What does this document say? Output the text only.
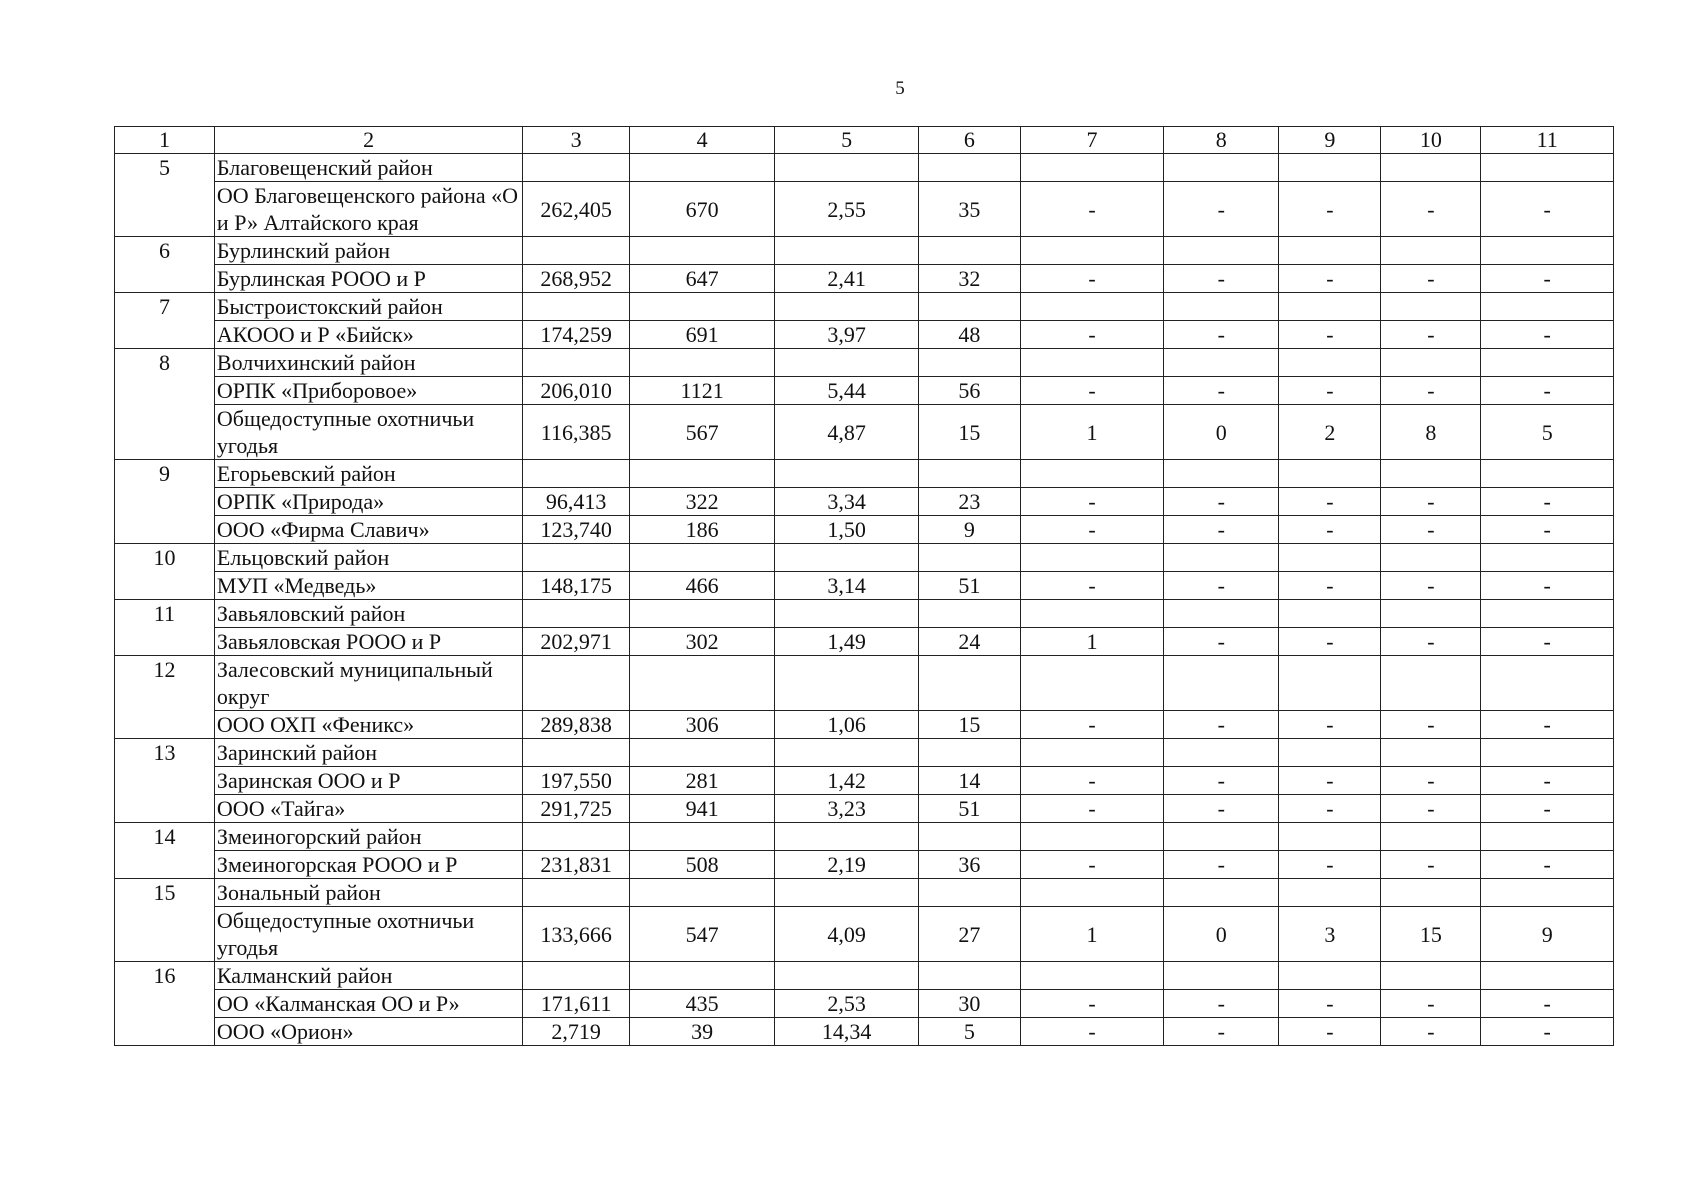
5
1	2	3	4	5	6	7	8	9	10	11
5	Благовещенский район									
	ОО Благовещенского района «О и Р» Алтайского края	262,405	670	2,55	35	-	-	-	-	-
6	Бурлинский район									
	Бурлинская РООО и Р	268,952	647	2,41	32	-	-	-	-	-
7	Быстроистокский район									
	АКООО и Р «Бийск»	174,259	691	3,97	48	-	-	-	-	-
8	Волчихинский район									
	ОРПК «Приборовое»	206,010	1121	5,44	56	-	-	-	-	-
	Общедоступные охотничьи угодья	116,385	567	4,87	15	1	0	2	8	5
9	Егорьевский район									
	ОРПК «Природа»	96,413	322	3,34	23	-	-	-	-	-
	ООО «Фирма Славич»	123,740	186	1,50	9	-	-	-	-	-
10	Ельцовский район									
	МУП «Медведь»	148,175	466	3,14	51	-	-	-	-	-
11	Завьяловский район									
	Завьяловская РООО и Р	202,971	302	1,49	24	1	-	-	-	-
12	Залесовский муниципальный округ									
	ООО ОХП «Феникс»	289,838	306	1,06	15	-	-	-	-	-
13	Заринский район									
	Заринская ООО и Р	197,550	281	1,42	14	-	-	-	-	-
	ООО «Тайга»	291,725	941	3,23	51	-	-	-	-	-
14	Змеиногорский район									
	Змеиногорская РООО и Р	231,831	508	2,19	36	-	-	-	-	-
15	Зональный район									
	Общедоступные охотничьи угодья	133,666	547	4,09	27	1	0	3	15	9
16	Калманский район									
	ОО «Калманская ОО и Р»	171,611	435	2,53	30	-	-	-	-	-
	ООО «Орион»	2,719	39	14,34	5	-	-	-	-	-
